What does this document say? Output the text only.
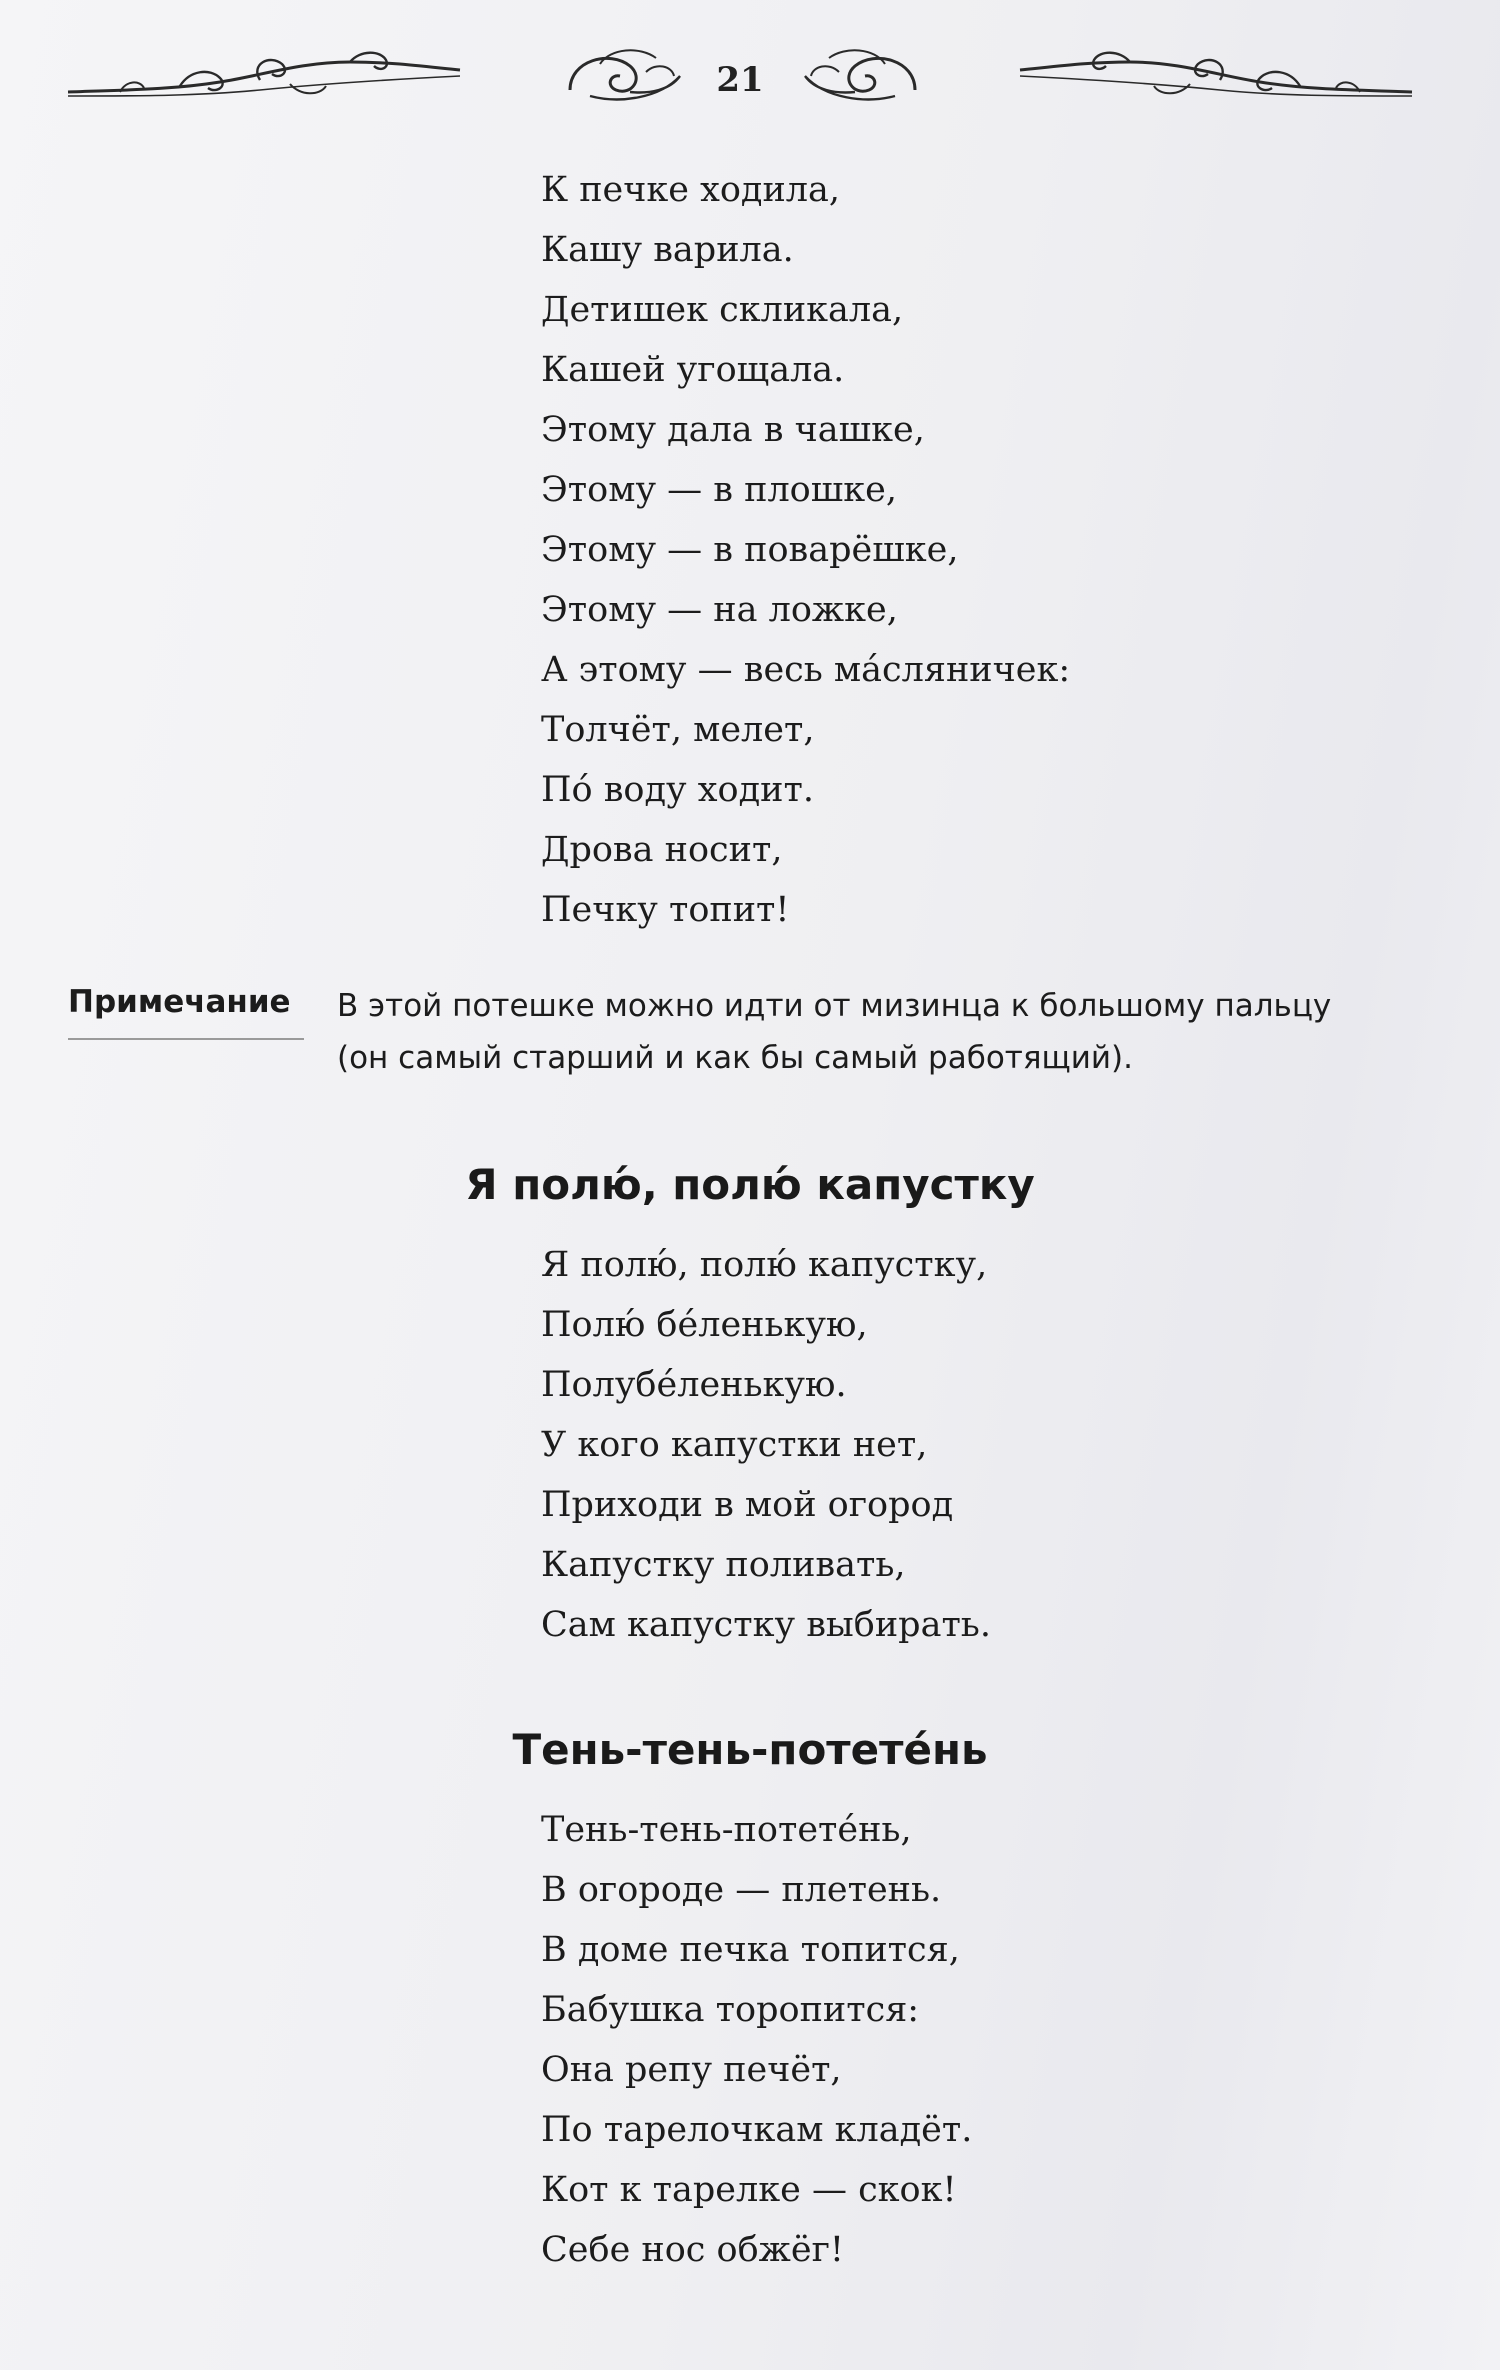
21
К печке ходила,
Кашу варила.
Детишек скликала,
Кашей угощала.
Этому дала в чашке,
Этому — в плошке,
Этому — в поварёшке,
Этому — на ложке,
А этому — весь ма́сляничек:
Толчёт, мелет,
По́ воду ходит.
Дрова носит,
Печку топит!
Примечание В этой потешке можно идти от мизинца к большому пальцу
(он самый старший и как бы самый работящий).
Я полю́, полю́ капустку
Я полю́, полю́ капустку,
Полю́ бе́ленькую,
Полубе́ленькую.
У кого капустки нет,
Приходи в мой огород
Капустку поливать,
Сам капустку выбирать.
Тень-тень-потете́нь
Тень-тень-потете́нь,
В огороде — плетень.
В доме печка топится,
Бабушка торопится:
Она репу печёт,
По тарелочкам кладёт.
Кот к тарелке — скок!
Себе нос обжёг!
